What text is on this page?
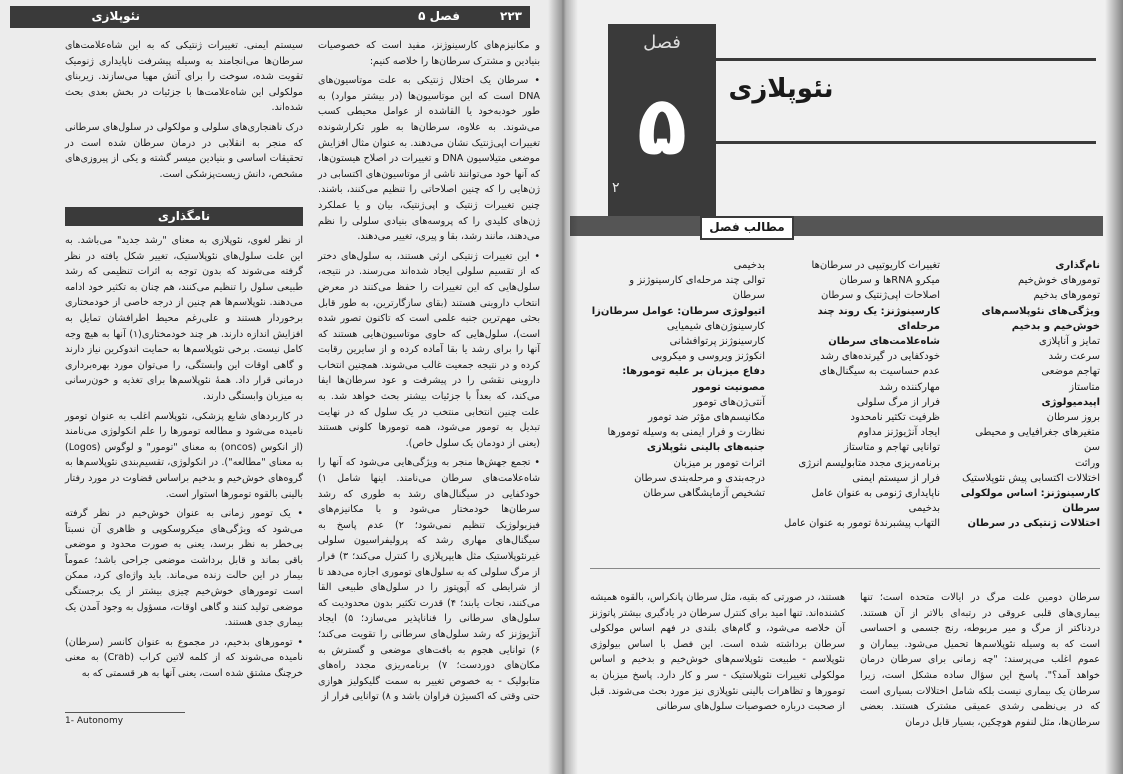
۲۲۳
فصل ۵
نئوپلازی

و مکانیزم‌های کارسینوژنز، مفید است که خصوصیات بنیادین و مشترک سرطان‌ها را خلاصه کنیم:

• سرطان یک اختلال ژنتیکی به علت موتاسیون‌های DNA است که این موتاسیون‌ها (در بیشتر موارد) به طور خودبه‌خود یا القاشده از عوامل محیطی کسب می‌شوند. به علاوه، سرطان‌ها به طور تکرارشونده تغییرات اپی‌ژنتیک نشان می‌دهند. به عنوان مثال افزایش موضعی متیلاسیون DNA و تغییرات در اصلاح هیستون‌ها، که آنها خود می‌توانند ناشی از موتاسیون‌های اکتسابی در ژن‌هایی را که چنین اصلاحاتی را تنظیم می‌کنند، باشند. چنین تغییرات ژنتیک و اپی‌ژنتیک، بیان و یا عملکرد ژن‌های کلیدی را که پروسه‌های بنیادی سلولی را نظم می‌دهند، مانند رشد، بقا و پیری، تغییر می‌دهند.

• این تغییرات ژنتیکی ارثی هستند، به سلول‌های دختر که از تقسیم سلولی ایجاد شده‌اند می‌رسند. در نتیجه، سلول‌هایی که این تغییرات را حفظ می‌کنند در معرض انتخاب داروینی هستند (بقای سازگارترین، به طور قابل بحثی مهم‌ترین جنبه علمی است که تاکنون تصور شده است)، سلول‌هایی که حاوی موتاسیون‌هایی هستند که آنها را برای رشد یا بقا آماده کرده و از سایرین رقابت کرده و در نتیجه جمعیت غالب می‌شوند. همچنین انتخاب داروینی نقشی را در پیشرفت و عود سرطان‌ها ایفا می‌کند، که بعداً با جزئیات بیشتر بحث خواهد شد. به علت چنین انتخابی منتخب در یک سلول که در نهایت تبدیل به تومور می‌شود، همه تومورها کلونی هستند (یعنی از دودمان یک سلول خاص).

• تجمع جهش‌ها منجر به ویژگی‌هایی می‌شود که آنها را شاه‌علامت‌های سرطان می‌نامند. اینها شامل ۱) خودکفایی در سیگنال‌های رشد به طوری که رشد سرطان‌ها خودمختار می‌شود و با مکانیزم‌های فیزیولوژیک تنظیم نمی‌شود؛ ۲) عدم پاسخ به سیگنال‌های مهاری رشد که پرولیفراسیون سلولی غیرنئوپلاستیک مثل هایپرپلازی را کنترل می‌کند؛ ۳) فرار از مرگ سلولی که به سلول‌های توموری اجازه می‌دهد تا از شرایطی که آپوپتوز را در سلول‌های طبیعی القا می‌کنند، نجات یابند؛ ۴) قدرت تکثیر بدون محدودیت که سلول‌های سرطانی را فناناپذیر می‌سازد؛ ۵) ایجاد آنژیوژنز که رشد سلول‌های سرطانی را تقویت می‌کند؛ ۶) توانایی هجوم به بافت‌های موضعی و گسترش به مکان‌های دوردست؛ ۷) برنامه‌ریزی مجدد راه‌های متابولیک - به خصوص تغییر به سمت گلیکولیز هوازی حتی وقتی که اکسیژن فراوان باشد و ۸) توانایی فرار از

سیستم ایمنی. تغییرات ژنتیکی که به این شاه‌علامت‌های سرطان‌ها می‌انجامند به وسیله پیشرفت ناپایداری ژنومیک تقویت شده، سوخت را برای آتش مهیا می‌سازند. زیربنای مولکولی این شاه‌علامت‌ها با جزئیات در بخش بعدی بحث شده‌اند.

درک ناهنجاری‌های سلولی و مولکولی در سلول‌های سرطانی که منجر به انقلابی در درمان سرطان شده است در تحقیقات اساسی و بنیادین میسر گشته و یکی از پیروزی‌های مشخص، دانش زیست‌پزشکی است.

نامگذاری

از نظر لغوی، نئوپلازی به معنای "رشد جدید" می‌باشد. به این علت سلول‌های نئوپلاستیک، تغییر شکل یافته در نظر گرفته می‌شوند که بدون توجه به اثرات تنظیمی که رشد طبیعی سلول را تنظیم می‌کنند، هم چنان به تکثیر خود ادامه می‌دهند. نئوپلاسم‌ها هم چنین از درجه خاصی از خودمختاری برخوردار هستند و علی‌رغم محیط اطرافشان تمایل به افزایش اندازه دارند. هر چند خودمختاری(۱) آنها به هیچ وجه کامل نیست. برخی نئوپلاسم‌ها به حمایت اندوکرین نیاز دارند و گاهی اوقات این وابستگی، را می‌توان مورد بهره‌برداری درمانی قرار داد. همهٔ نئوپلاسم‌ها برای تغذیه و خون‌رسانی به میزبان وابستگی دارند.

در کاربردهای شایع پزشکی، نئوپلاسم اغلب به عنوان تومور نامیده می‌شود و مطالعه تومورها را علم انکولوژی می‌نامند (از انکوس (oncos) به معنای "تومور" و لوگوس (Logos) به معنای "مطالعه"). در انکولوژی، تقسیم‌بندی نئوپلاسم‌ها به گروه‌های خوش‌خیم و بدخیم براساس قضاوت در مورد رفتار بالینی بالقوه تومورها استوار است.

• یک تومور زمانی به عنوان خوش‌خیم در نظر گرفته می‌شود که ویژگی‌های میکروسکوپی و ظاهری آن نسبتاً بی‌خطر به نظر برسد، یعنی به صورت محدود و موضعی باقی بماند و قابل برداشت موضعی جراحی باشد؛ عموماً بیمار در این حالت زنده می‌ماند. باید واژه‌ای کرد، ممکن است تومورهای خوش‌خیم چیزی بیشتر از یک برجستگی موضعی تولید کنند و گاهی اوقات، مسؤول به وجود آمدن یک بیماری جدی هستند.

• تومورهای بدخیم، در مجموع به عنوان کانسر (سرطان) نامیده می‌شوند که از کلمه لاتین کراب (Crab) به معنی خرچنگ مشتق شده است، یعنی آنها به هر قسمتی که به

1- Autonomy
فصل
۵
۲
نئوپلازی
مطالب فصل
نام‌گذاری
تومورهای خوش‌خیم
تومورهای بدخیم
ویژگی‌های نئوپلاسم‌های
خوش‌خیم و بدخیم
تمایز و آناپلازی
سرعت رشد
تهاجم موضعی
متاستاز
اپیدمیولوژی
بروز سرطان
متغیرهای جغرافیایی و محیطی
سن
وراثت
اختلالات اکتسابی پیش نئوپلاستیک
کارسینوژنز: اساس مولکولی
سرطان
اختلالات ژنتیکی در سرطان
تغییرات کاریوتیپی در سرطان‌ها
میکرو RNAها و سرطان
اصلاحات اپی‌ژنتیک و سرطان
کارسینوژنز: یک روند چند
مرحله‌ای
شاه‌علامت‌های سرطان
خودکفایی در گیرنده‌های رشد
عدم حساسیت به سیگنال‌های
مهارکننده رشد
فرار از مرگ سلولی
ظرفیت تکثیر نامحدود
ایجاد آنژیوژنز مداوم
توانایی تهاجم و متاستاز
برنامه‌ریزی مجدد متابولیسم انرژی
فرار از سیستم ایمنی
ناپایداری ژنومی به عنوان عامل
بدخیمی
التهاب پیشبرندهٔ تومور به عنوان عامل
بدخیمی
توالی چند مرحله‌ای کارسینوژنز و
سرطان
اتیولوژی سرطان: عوامل سرطان‌زا
کارسینوژن‌های شیمیایی
کارسینوژنز پرتوافشانی
انکوژنز ویروسی و میکروبی
دفاع میزبان بر علیه تومورها:
مصونیت تومور
آنتی‌ژن‌های تومور
مکانیسم‌های مؤثر ضد تومور
نظارت و فرار ایمنی به وسیله تومورها
جنبه‌های بالینی نئوپلازی
اثرات تومور بر میزبان
درجه‌بندی و مرحله‌بندی سرطان
تشخیص آزمایشگاهی سرطان
سرطان دومین علت مرگ در ایالات متحده است؛ تنها بیماری‌های قلبی عروقی در رتبه‌ای بالاتر از آن هستند. دردناکتر از مرگ و میر مربوطه، رنج جسمی و احساسی است که به وسیله نئوپلاسم‌ها تحمیل می‌شود. بیماران و عموم اغلب می‌پرسند: "چه زمانی برای سرطان درمان خواهد آمد؟". پاسخ این سؤال ساده مشکل است، زیرا سرطان یک بیماری نیست بلکه شامل اختلالات بسیاری است که در بی‌نظمی رشدی عمیقی مشترک هستند. بعضی سرطان‌ها، مثل لنفوم هوچکین، بسیار قابل درمان
هستند، در صورتی که بقیه، مثل سرطان پانکراس، بالقوه همیشه کشنده‌اند. تنها امید برای کنترل سرطان در یادگیری بیشتر پاتوژنز آن خلاصه می‌شود، و گام‌های بلندی در فهم اساس مولکولی سرطان برداشته شده است. این فصل با اساس بیولوژی نئوپلاسم - طبیعت نئوپلاسم‌های خوش‌خیم و بدخیم و اساس مولکولی تغییرات نئوپلاستیک - سر و کار دارد. پاسخ میزبان به تومورها و تظاهرات بالینی نئوپلازی نیز مورد بحث می‌شوند. قبل از صحبت درباره خصوصیات سلول‌های سرطانی
